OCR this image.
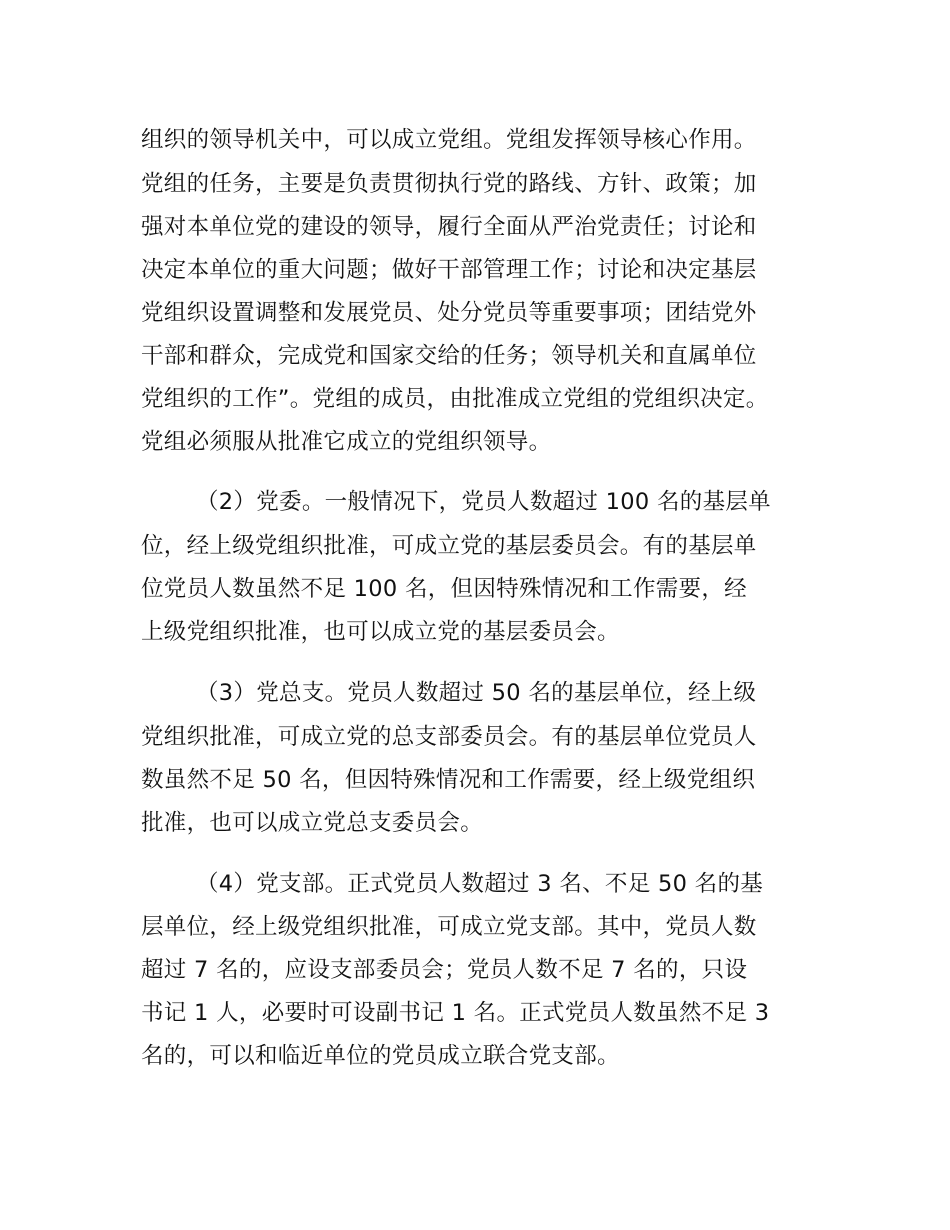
组织的领导机关中，可以成立党组。党组发挥领导核心作用。
党组的任务，主要是负责贯彻执行党的路线、方针、政策；加
强对本单位党的建设的领导，履行全面从严治党责任；讨论和
决定本单位的重大问题；做好干部管理工作；讨论和决定基层
党组织设置调整和发展党员、处分党员等重要事项；团结党外
干部和群众，完成党和国家交给的任务；领导机关和直属单位
党组织的工作”。党组的成员，由批准成立党组的党组织决定。
党组必须服从批准它成立的党组织领导。
（2）党委。一般情况下，党员人数超过 100 名的基层单
位，经上级党组织批准，可成立党的基层委员会。有的基层单
位党员人数虽然不足 100 名，但因特殊情况和工作需要，经
上级党组织批准，也可以成立党的基层委员会。
（3）党总支。党员人数超过 50 名的基层单位，经上级
党组织批准，可成立党的总支部委员会。有的基层单位党员人
数虽然不足 50 名，但因特殊情况和工作需要，经上级党组织
批准，也可以成立党总支委员会。
（4）党支部。正式党员人数超过 3 名、不足 50 名的基
层单位，经上级党组织批准，可成立党支部。其中，党员人数
超过 7 名的，应设支部委员会；党员人数不足 7 名的，只设
书记 1 人，必要时可设副书记 1 名。正式党员人数虽然不足 3
名的，可以和临近单位的党员成立联合党支部。
